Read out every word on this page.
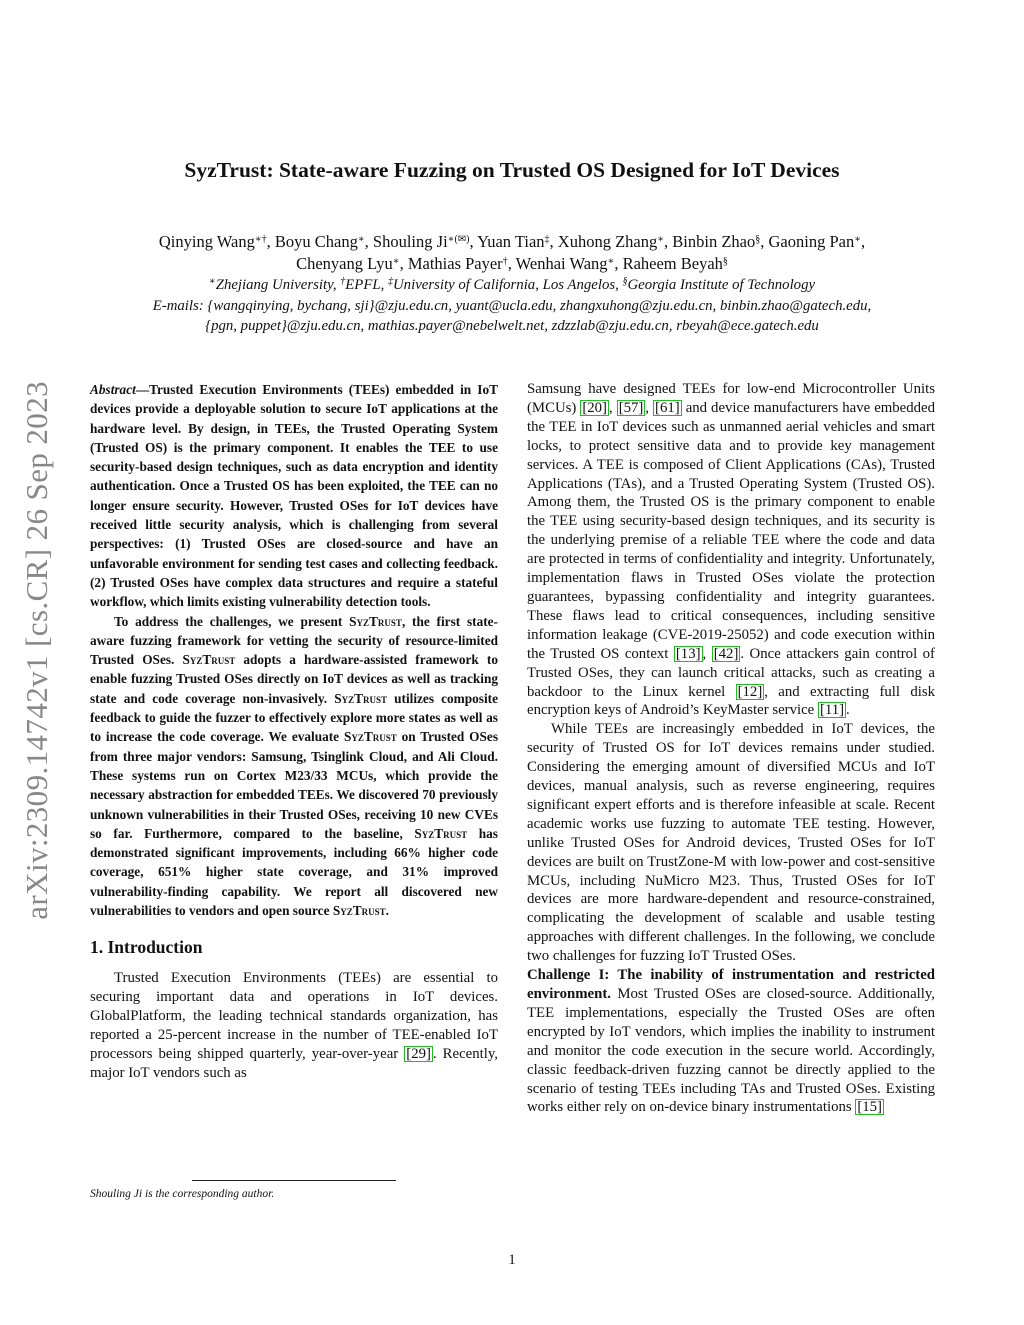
arXiv:2309.14742v1 [cs.CR] 26 Sep 2023
SyzTrust: State-aware Fuzzing on Trusted OS Designed for IoT Devices
Qinying Wang∗†, Boyu Chang∗, Shouling Ji∗(✉), Yuan Tian‡, Xuhong Zhang∗, Binbin Zhao§, Gaoning Pan∗,
Chenyang Lyu∗, Mathias Payer†, Wenhai Wang∗, Raheem Beyah§
∗Zhejiang University, †EPFL, ‡University of California, Los Angelos, §Georgia Institute of Technology
E-mails: {wangqinying, bychang, sji}@zju.edu.cn, yuant@ucla.edu, zhangxuhong@zju.edu.cn, binbin.zhao@gatech.edu,
{pgn, puppet}@zju.edu.cn, mathias.payer@nebelwelt.net, zdzzlab@zju.edu.cn, rbeyah@ece.gatech.edu

Abstract—Trusted Execution Environments (TEEs) embedded in IoT devices provide a deployable solution to secure IoT applications at the hardware level. By design, in TEEs, the Trusted Operating System (Trusted OS) is the primary component. It enables the TEE to use security-based design techniques, such as data encryption and identity authentication. Once a Trusted OS has been exploited, the TEE can no longer ensure security. However, Trusted OSes for IoT devices have received little security analysis, which is challenging from several perspectives: (1) Trusted OSes are closed-source and have an unfavorable environment for sending test cases and collecting feedback. (2) Trusted OSes have complex data structures and require a stateful workflow, which limits existing vulnerability detection tools.

To address the challenges, we present SyzTrust, the first state-aware fuzzing framework for vetting the security of resource-limited Trusted OSes. SyzTrust adopts a hardware-assisted framework to enable fuzzing Trusted OSes directly on IoT devices as well as tracking state and code coverage non-invasively. SyzTrust utilizes composite feedback to guide the fuzzer to effectively explore more states as well as to increase the code coverage. We evaluate SyzTrust on Trusted OSes from three major vendors: Samsung, Tsinglink Cloud, and Ali Cloud. These systems run on Cortex M23/33 MCUs, which provide the necessary abstraction for embedded TEEs. We discovered 70 previously unknown vulnerabilities in their Trusted OSes, receiving 10 new CVEs so far. Furthermore, compared to the baseline, SyzTrust has demonstrated significant improvements, including 66% higher code coverage, 651% higher state coverage, and 31% improved vulnerability-finding capability. We report all discovered new vulnerabilities to vendors and open source SyzTrust.

1. Introduction

Trusted Execution Environments (TEEs) are essential to securing important data and operations in IoT devices. GlobalPlatform, the leading technical standards organization, has reported a 25-percent increase in the number of TEE-enabled IoT processors being shipped quarterly, year-over-year [29] . Recently, major IoT vendors such as

Shouling Ji is the corresponding author.

Samsung have designed TEEs for low-end Microcontroller Units (MCUs) [20] , [57] , [61] and device manufacturers have embedded the TEE in IoT devices such as unmanned aerial vehicles and smart locks, to protect sensitive data and to provide key management services. A TEE is composed of Client Applications (CAs), Trusted Applications (TAs), and a Trusted Operating System (Trusted OS). Among them, the Trusted OS is the primary component to enable the TEE using security-based design techniques, and its security is the underlying premise of a reliable TEE where the code and data are protected in terms of confidentiality and integrity. Unfortunately, implementation flaws in Trusted OSes violate the protection guarantees, bypassing confidentiality and integrity guarantees. These flaws lead to critical consequences, including sensitive information leakage (CVE-2019-25052) and code execution within the Trusted OS context [13] , [42] . Once attackers gain control of Trusted OSes, they can launch critical attacks, such as creating a backdoor to the Linux kernel [12] , and extracting full disk encryption keys of Android’s KeyMaster service [11] .

While TEEs are increasingly embedded in IoT devices, the security of Trusted OS for IoT devices remains under studied. Considering the emerging amount of diversified MCUs and IoT devices, manual analysis, such as reverse engineering, requires significant expert efforts and is therefore infeasible at scale. Recent academic works use fuzzing to automate TEE testing. However, unlike Trusted OSes for Android devices, Trusted OSes for IoT devices are built on TrustZone-M with low-power and cost-sensitive MCUs, including NuMicro M23. Thus, Trusted OSes for IoT devices are more hardware-dependent and resource-constrained, complicating the development of scalable and usable testing approaches with different challenges. In the following, we conclude two challenges for fuzzing IoT Trusted OSes.

Challenge I: The inability of instrumentation and restricted environment. Most Trusted OSes are closed-source. Additionally, TEE implementations, especially the Trusted OSes are often encrypted by IoT vendors, which implies the inability to instrument and monitor the code execution in the secure world. Accordingly, classic feedback-driven fuzzing cannot be directly applied to the scenario of testing TEEs including TAs and Trusted OSes. Existing works either rely on on-device binary instrumentations [15]

1
